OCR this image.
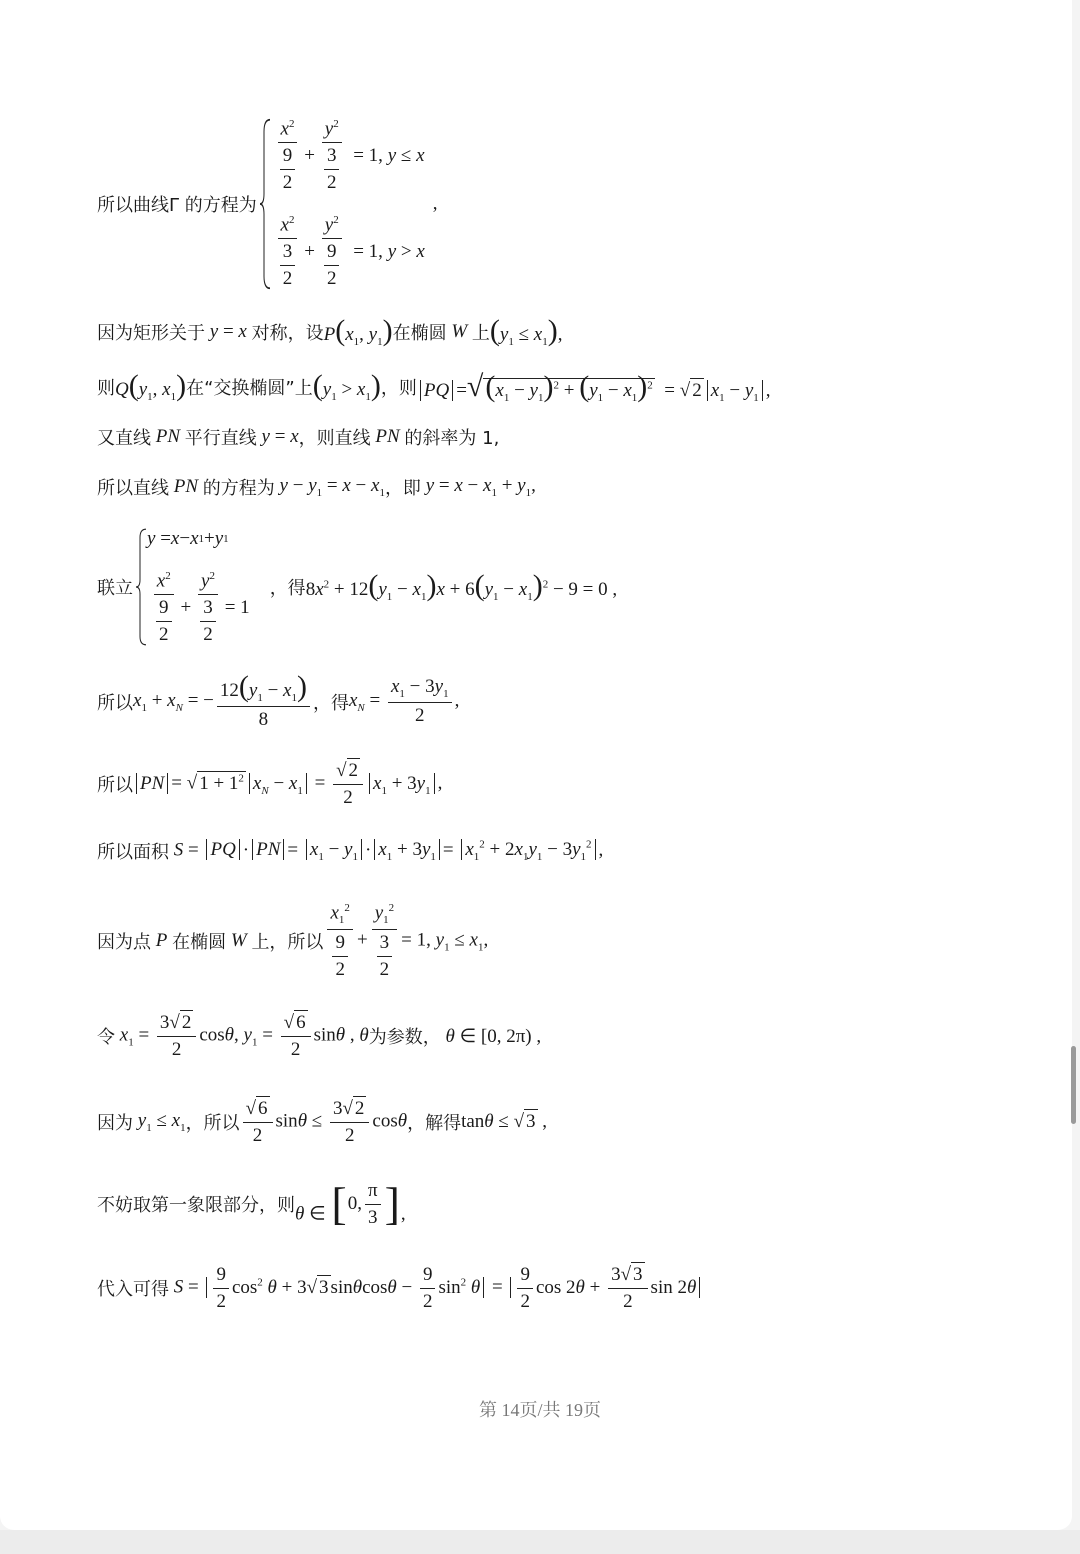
所以曲线Γ 的方程为
$\frac{x^2}{\frac{9}{2}} + \frac{y^2}{\frac{3}{2}} = 1$, y ≤ x
$\frac{x^2}{\frac{3}{2}} + \frac{y^2}{\frac{9}{2}} = 1$, y > x
,
因为矩形关于 y = x 对称，设 $P(x_1$, $y_1$) 在椭圆 W 上 $(y_1 \le x_1)$,
则 $Q(y_1$, $x_1$) 在“交换椭圆”上 $(y_1 > x_1)$ ，则 PQ $=√(x_1 - y_1)^2 + (y_1 - x_1)^2$  = √ 2 $x_1 - y_1$ ,
又直线 PN 平行直线 y = x ，则直线 PN 的斜率为 1,
所以直线 PN 的方程为 $y - y_1 = x - x_1$ ，即 $y = x - x_1 + y_1$,
联立
y = x − x 1 + y 1
$\frac{x^2}{\frac{9}{2}} + \frac{y^2}{\frac{3}{2}} = 1$
，得 $8x^2 + 12(y_1 - x_1)x + 6(y_1 - x_1)^2 - 9 = 0$ ,
所以 $x_1 + x_N$ = − $\frac{12(y_1 - x_1)}{8}$ ，得 $x_N = \frac{x_1 - 3y_1}{2}$ ,
所以 PN = √ $1 + 1^2$ $x_N - x_1 = \frac{√ 2}{2} x_1 + 3y_1$ ,
所以面积 S = PQ · PN = $x_1 - y_1 \cdot x_1 + 3y_1 = x_1^2 + 2x_1y_1 - 3y_1^2$ ,
因为点 P 在椭圆 W 上，所以 $\frac{x_1^2}{\frac{9}{2}} + \frac{y_1^2}{\frac{3}{2}} = 1$, $y_1 \le x_1$,
令 $x_1 = \frac{3√ 2}{2} \cos\theta$, $y_1 = \frac{√ 6}{2}$ sinθ , θ 为参数， θ ∈ [0, 2π) ,
因为 $y_1 \le x_1$ ，所以 $\frac{√ 6}{2}$ $\sin\theta \le \frac{3√ 2}{2}$ cosθ ，解得 tanθ ≤ √ 3 ,
不妨取第一象限部分，则 θ ∈ [ 0, $\frac{\pi}{3}$ ] ,
代入可得 $S = \frac{9}{2} \cos^2 \theta + 3√$ 3 $\sin\theta\cos\theta - \frac{9}{2} \sin^2 \theta = \frac{9}{2}$ $\cos 2\theta + \frac{3√ 3}{2}$ sin 2θ
第 14页/共 19页
